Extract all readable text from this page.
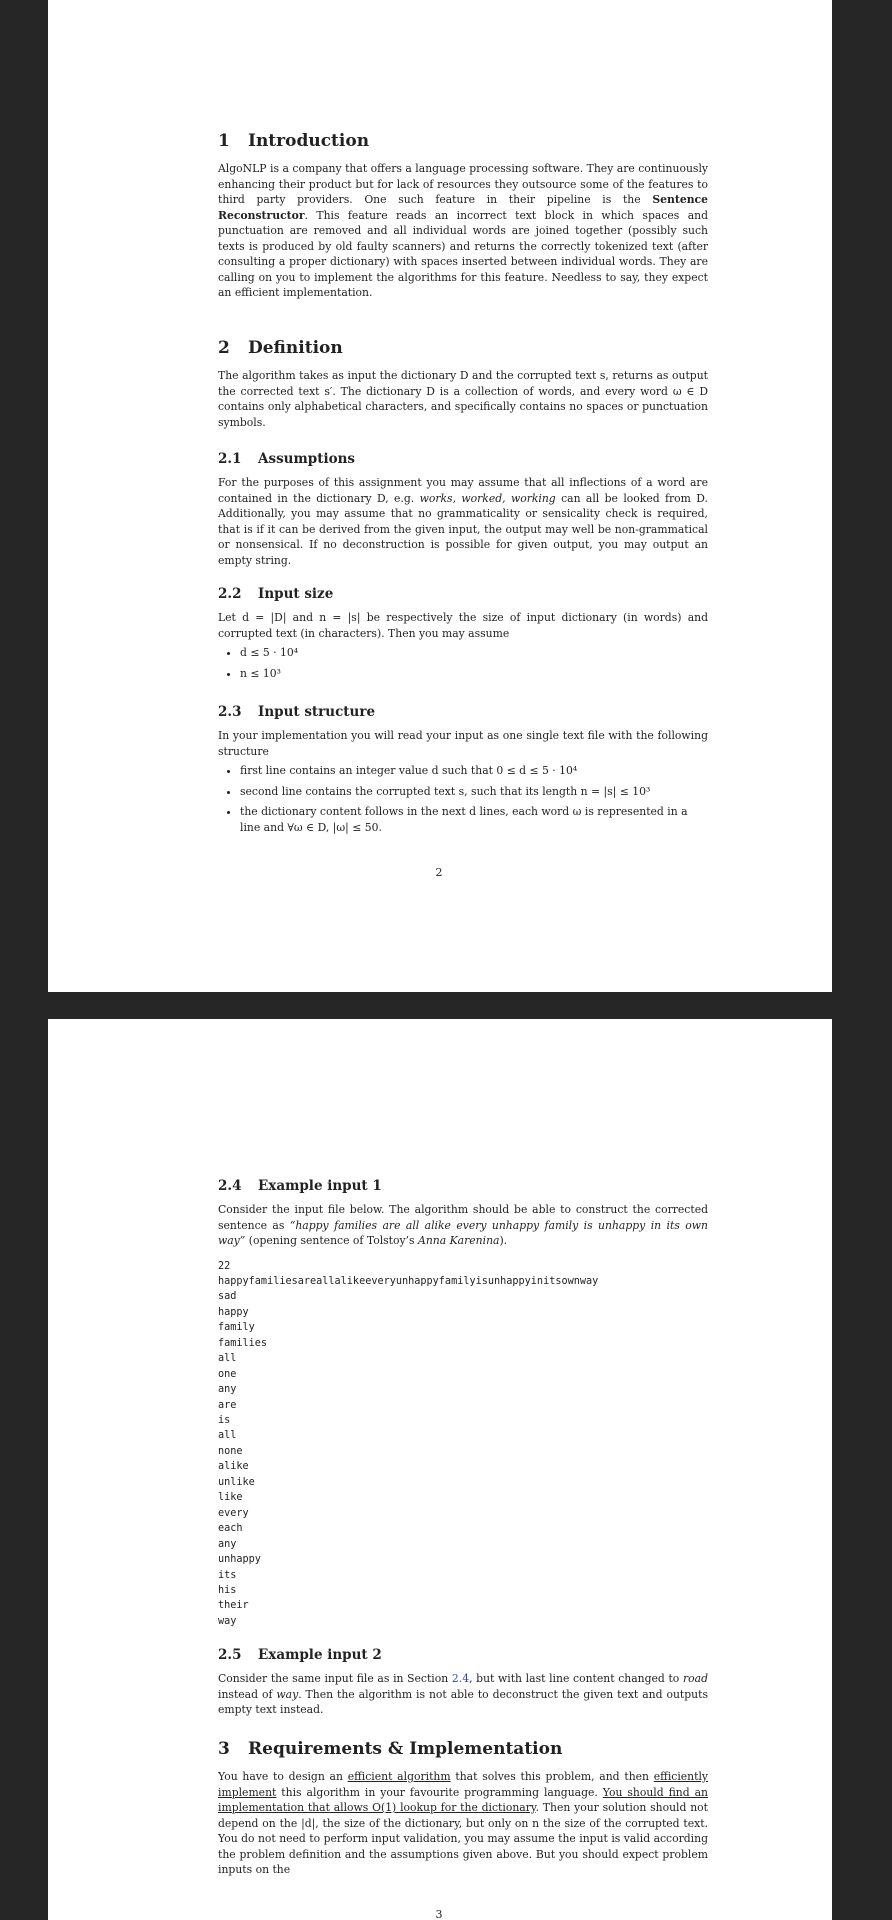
1 Introduction

AlgoNLP is a company that offers a language processing software. They are continuously enhancing their product but for lack of resources they outsource some of the features to third party providers. One such feature in their pipeline is the Sentence Reconstructor. This feature reads an incorrect text block in which spaces and punctuation are removed and all individual words are joined together (possibly such texts is produced by old faulty scanners) and returns the correctly tokenized text (after consulting a proper dictionary) with spaces inserted between individual words. They are calling on you to implement the algorithms for this feature. Needless to say, they expect an efficient implementation.

2 Definition

The algorithm takes as input the dictionary D and the corrupted text s, returns as output the corrected text s′. The dictionary D is a collection of words, and every word ω ∈ D contains only alphabetical characters, and specifically contains no spaces or punctuation symbols.

2.1 Assumptions

For the purposes of this assignment you may assume that all inflections of a word are contained in the dictionary D, e.g. works, worked, working can all be looked from D. Additionally, you may assume that no grammaticality or sensicality check is required, that is if it can be derived from the given input, the output may well be non-grammatical or nonsensical. If no deconstruction is possible for given output, you may output an empty string.

2.2 Input size

Let d = |D| and n = |s| be respectively the size of input dictionary (in words) and corrupted text (in characters). Then you may assume

• d ≤ 5 · 10⁴
• n ≤ 10³
2.3 Input structure

In your implementation you will read your input as one single text file with the following structure

• first line contains an integer value d such that 0 ≤ d ≤ 5 · 10⁴
• second line contains the corrupted text s, such that its length n = |s| ≤ 10³
• the dictionary content follows in the next d lines, each word ω is represented in a line and ∀ω ∈ D, |ω| ≤ 50.
2
2.4 Example input 1

Consider the input file below. The algorithm should be able to construct the corrected sentence as “happy families are all alike every unhappy family is unhappy in its own way” (opening sentence of Tolstoy’s Anna Karenina).

22
happyfamiliesareallalikeeveryunhappyfamilyisunhappyinitsownway
sad
happy
family
families
all
one
any
are
is
all
none
alike
unlike
like
every
each
any
unhappy
its
his
their
way
2.5 Example input 2

Consider the same input file as in Section 2.4, but with last line content changed to road instead of way. Then the algorithm is not able to deconstruct the given text and outputs empty text instead.

3 Requirements & Implementation

You have to design an efficient algorithm that solves this problem, and then efficiently implement this algorithm in your favourite programming language. You should find an implementation that allows O(1) lookup for the dictionary. Then your solution should not depend on the |d|, the size of the dictionary, but only on n the size of the corrupted text. You do not need to perform input validation, you may assume the input is valid according the problem definition and the assumptions given above. But you should expect problem inputs on the

3
